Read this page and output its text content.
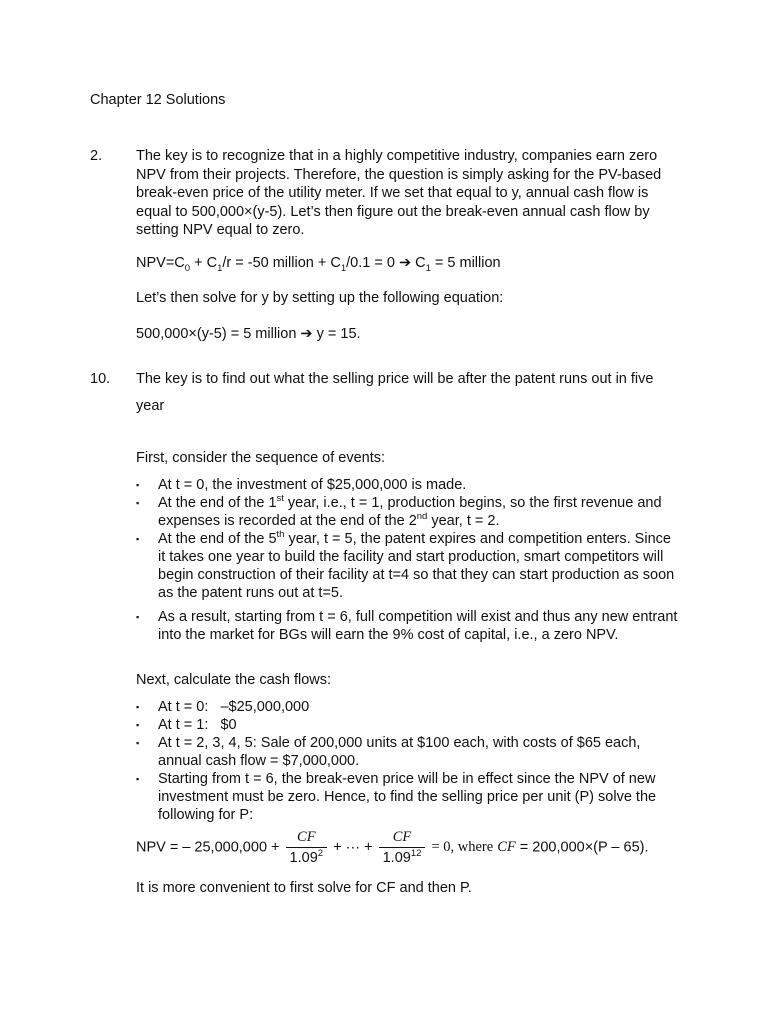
Chapter 12 Solutions
2. The key is to recognize that in a highly competitive industry, companies earn zero NPV from their projects. Therefore, the question is simply asking for the PV-based break-even price of the utility meter. If we set that equal to y, annual cash flow is equal to 500,000×(y-5). Let’s then figure out the break-even annual cash flow by setting NPV equal to zero.

$NPV=C_0 + C_1/r = -50$ million + $C_1/0.1 = 0$ ➔ $C_1 = 5$ million
Let’s then solve for y by setting up the following equation:
500,000×(y-5) = 5 million ➔ y = 15.
10. The key is to find out what the selling price will be after the patent runs out in five
year
First, consider the sequence of events:
▪ At t = 0, the investment of $25,000,000 is made.
▪ At the end of the 1st year, i.e., t = 1, production begins, so the first revenue and expenses is recorded at the end of the 2nd year, t = 2.
▪ At the end of the 5th year, t = 5, the patent expires and competition enters. Since it takes one year to build the facility and start production, smart competitors will begin construction of their facility at t=4 so that they can start production as soon as the patent runs out at t=5.
▪ As a result, starting from t = 6, full competition will exist and thus any new entrant into the market for BGs will earn the 9% cost of capital, i.e., a zero NPV.
Next, calculate the cash flows:
▪ At t = 0:   –$25,000,000
▪ At t = 1:   $0
▪ At t = 2, 3, 4, 5: Sale of 200,000 units at $100 each, with costs of $65 each, annual cash flow = $7,000,000.
▪ Starting from t = 6, the break-even price will be in effect since the NPV of new investment must be zero. Hence, to find the selling price per unit (P) solve the following for P:
NPV = – $25,000,000 + \frac{CF}{1.09^2}$ + ··· + $\frac{CF}{1.09^{12}} = 0$, where CF = 200,000×(P – 65).
It is more convenient to first solve for CF and then P.
